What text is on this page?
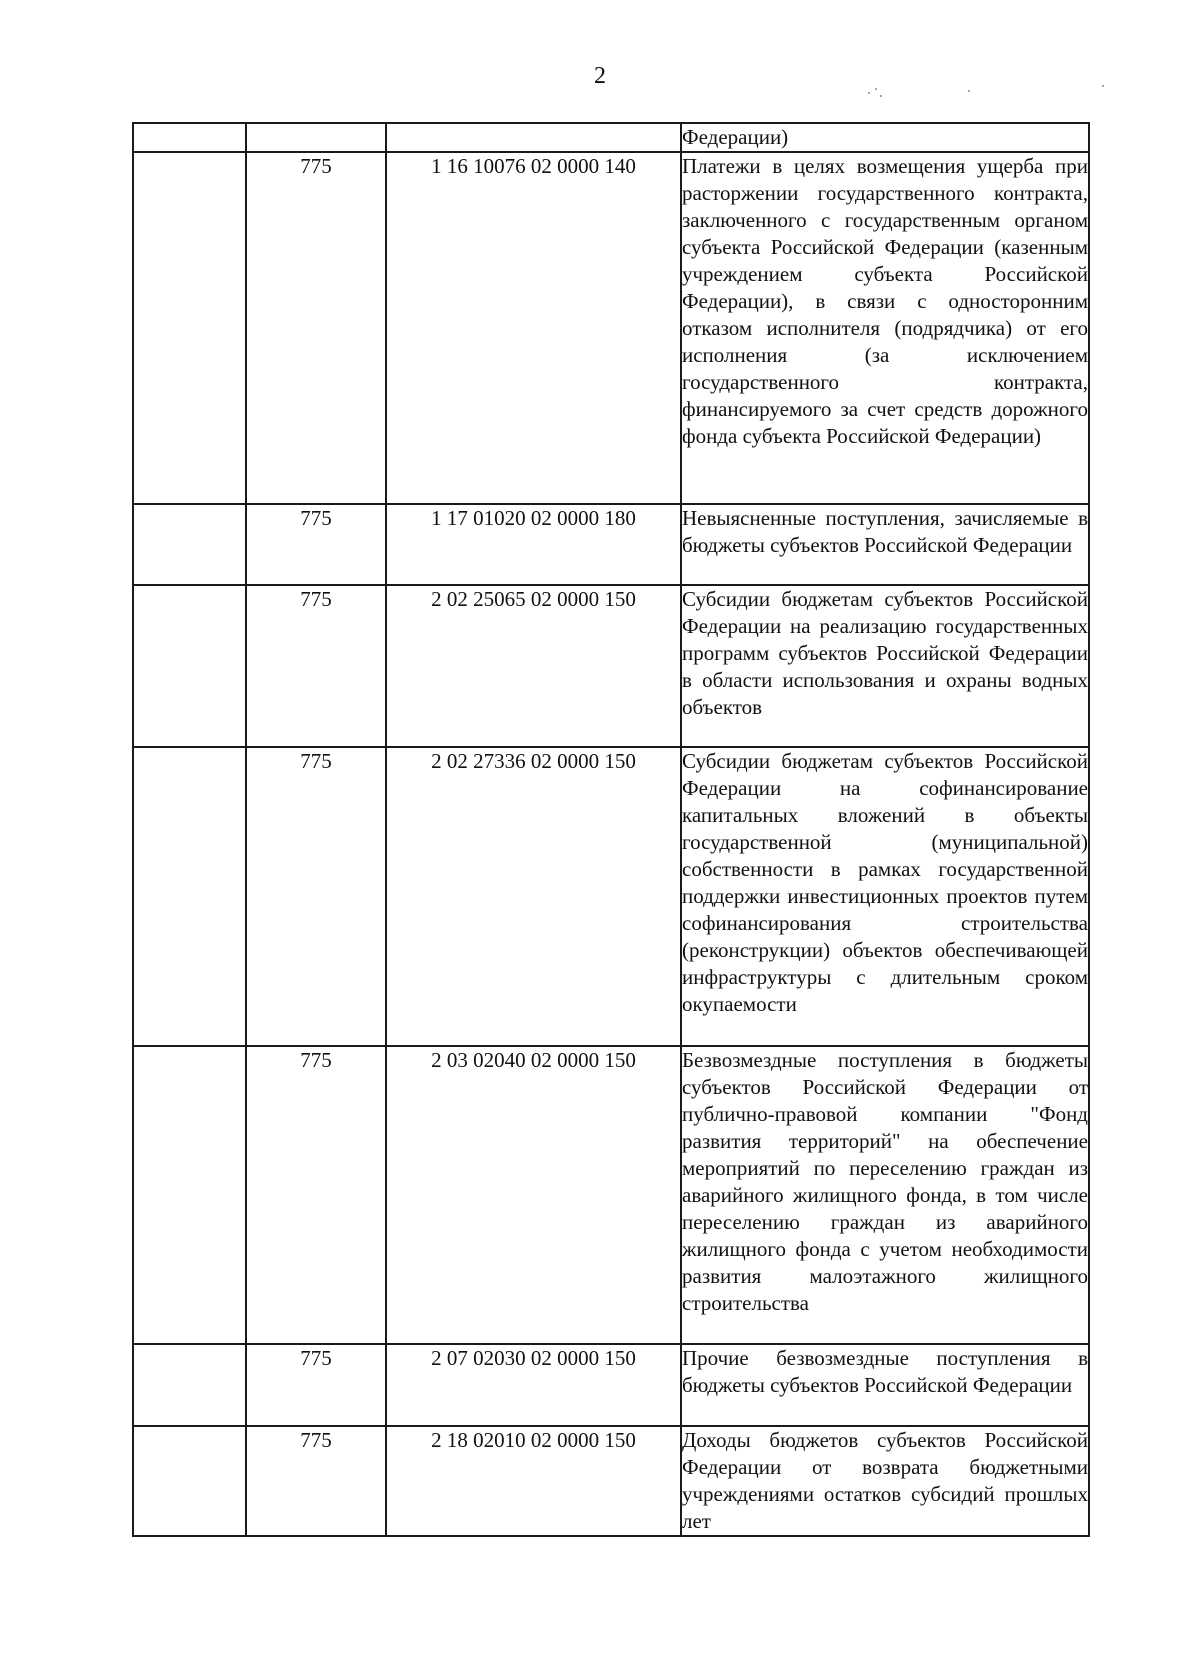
2
			Федерации)
	775	1 16 10076 02 0000 140	Платежи в целях возмещения ущерба при расторжении государственного контракта, заключенного с государственным органом субъекта Российской Федерации (казенным учреждением субъекта Российской Федерации), в связи с односторонним отказом исполнителя (подрядчика) от его исполнения (за исключением государственного контракта, финансируемого за счет средств дорожного фонда субъекта Российской Федерации)
	775	1 17 01020 02 0000 180	Невыясненные поступления, зачисляемые в бюджеты субъектов Российской Федерации
	775	2 02 25065 02 0000 150	Субсидии бюджетам субъектов Российской Федерации на реализацию государственных программ субъектов Российской Федерации в области использования и охраны водных объектов
	775	2 02 27336 02 0000 150	Субсидии бюджетам субъектов Российской Федерации на софинансирование капитальных вложений в объекты государственной (муниципальной) собственности в рамках государственной поддержки инвестиционных проектов путем софинансирования строительства (реконструкции) объектов обеспечивающей инфраструктуры с длительным сроком окупаемости
	775	2 03 02040 02 0000 150	Безвозмездные поступления в бюджеты субъектов Российской Федерации от публично-правовой компании "Фонд развития территорий" на обеспечение мероприятий по переселению граждан из аварийного жилищного фонда, в том числе переселению граждан из аварийного жилищного фонда с учетом необходимости развития малоэтажного жилищного строительства
	775	2 07 02030 02 0000 150	Прочие безвозмездные поступления в бюджеты субъектов Российской Федерации
	775	2 18 02010 02 0000 150	Доходы бюджетов субъектов Российской Федерации от возврата бюджетными учреждениями остатков субсидий прошлых лет
